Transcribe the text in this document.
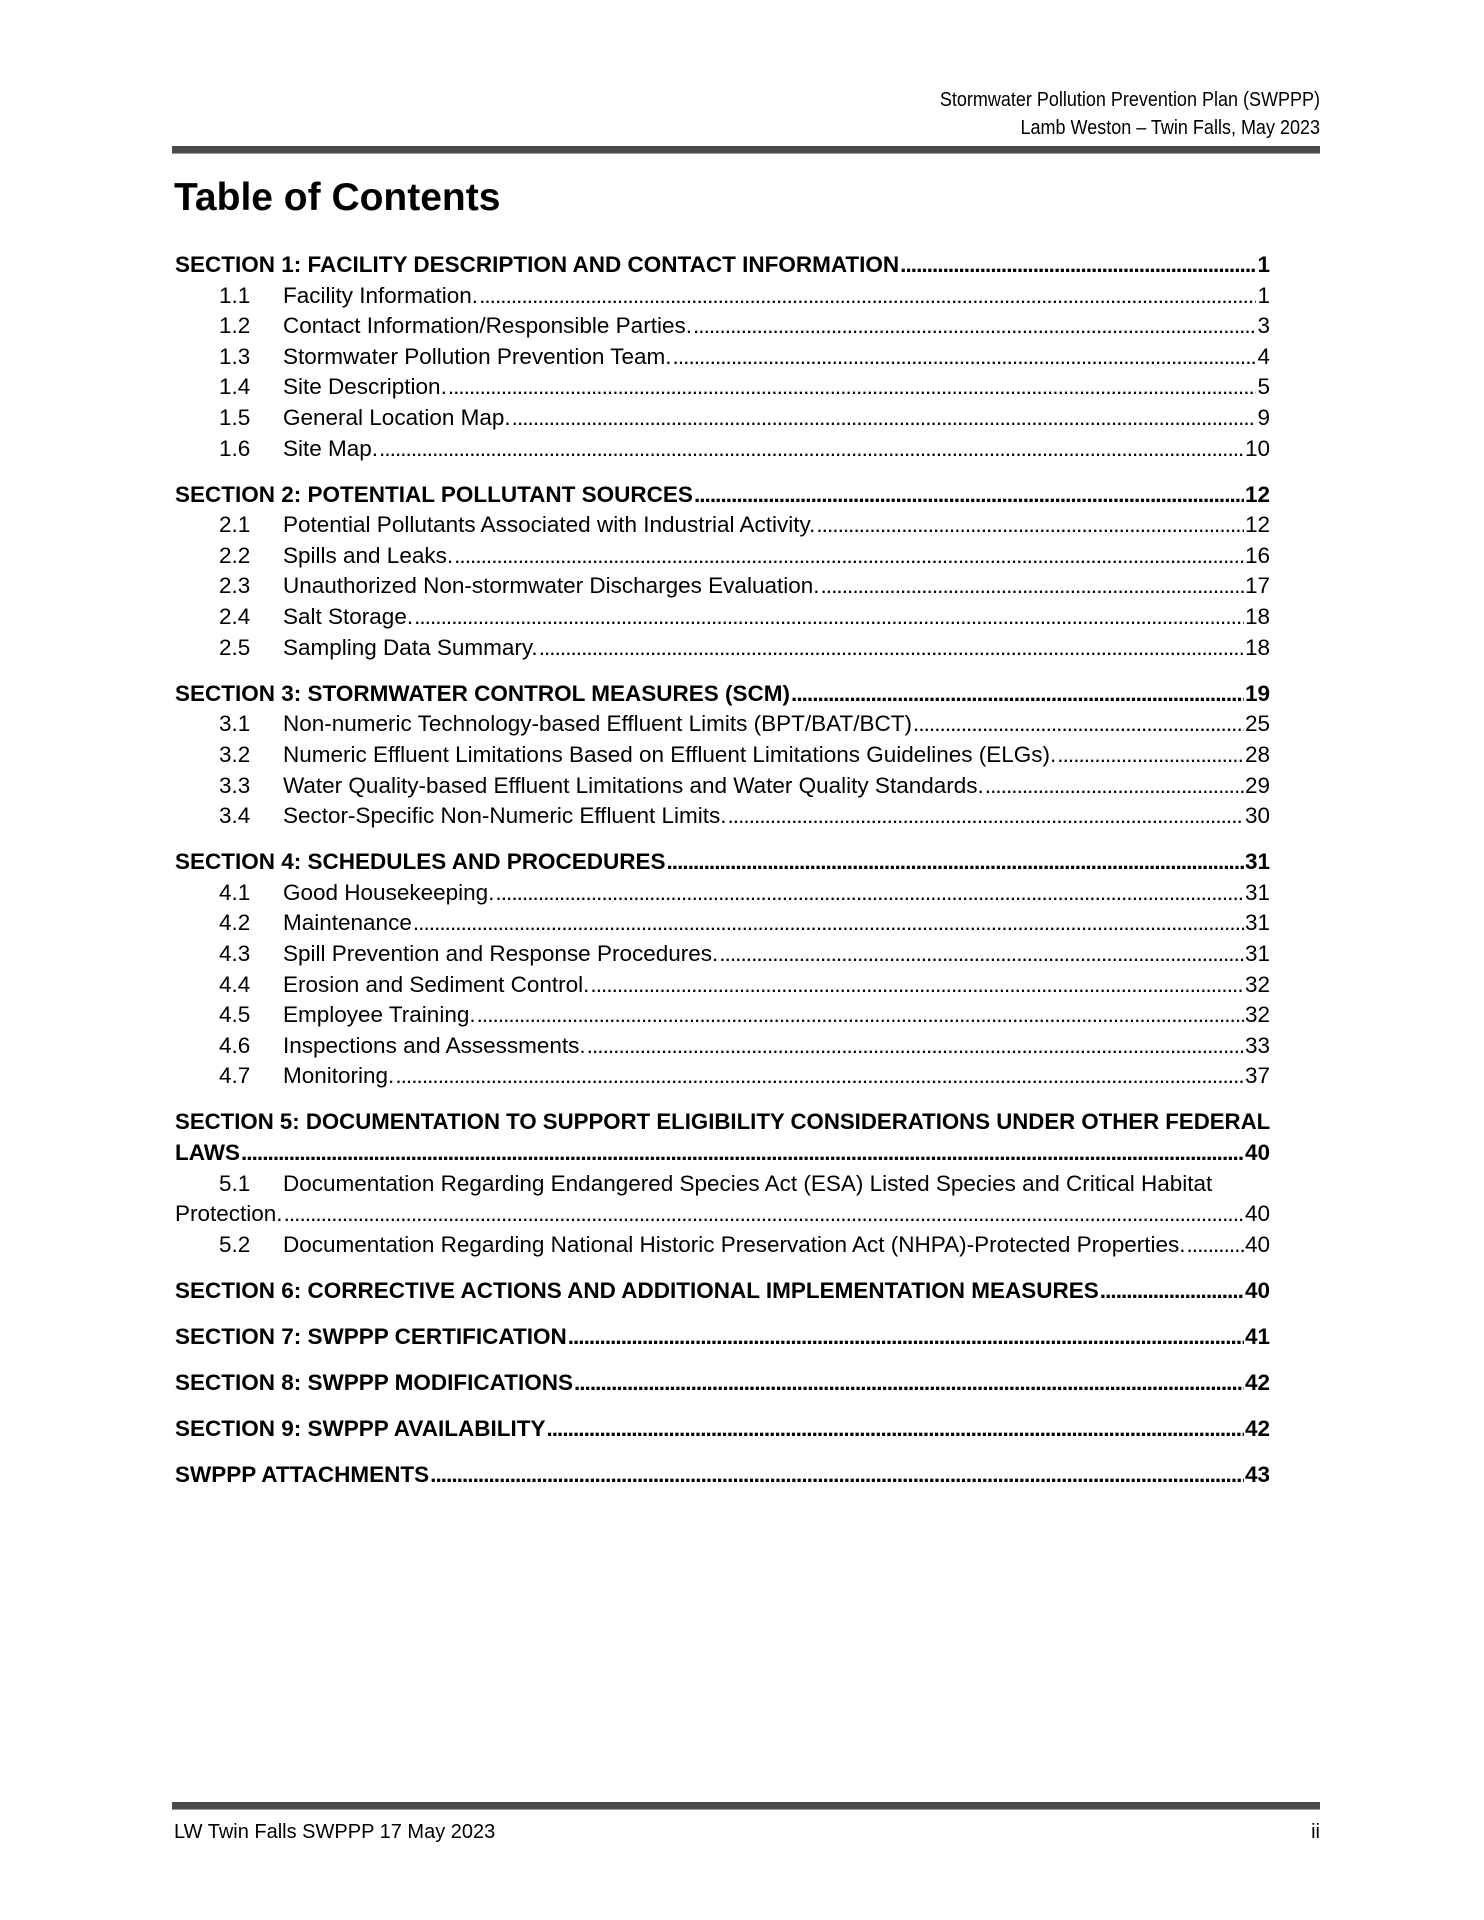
Stormwater Pollution Prevention Plan (SWPPP)
Lamb Weston – Twin Falls, May 2023
Table of Contents
SECTION 1: FACILITY DESCRIPTION AND CONTACT INFORMATION . . .	1
1.1	Facility Information. . . .	1
1.2	Contact Information/Responsible Parties. . . .	3
1.3	Stormwater Pollution Prevention Team. . . .	4
1.4	Site Description. . . .	5
1.5	General Location Map. . . .	9
1.6	Site Map. . . .	10
SECTION 2: POTENTIAL POLLUTANT SOURCES . . .	12
2.1	Potential Pollutants Associated with Industrial Activity. . . .	12
2.2	Spills and Leaks. . . .	16
2.3	Unauthorized Non-stormwater Discharges Evaluation. . . .	17
2.4	Salt Storage. . . .	18
2.5	Sampling Data Summary. . . .	18
SECTION 3: STORMWATER CONTROL MEASURES (SCM) . . .	19
3.1	Non-numeric Technology-based Effluent Limits (BPT/BAT/BCT) . . .	25
3.2	Numeric Effluent Limitations Based on Effluent Limitations Guidelines (ELGs). . . .	28
3.3	Water Quality-based Effluent Limitations and Water Quality Standards. . . .	29
3.4	Sector-Specific Non-Numeric Effluent Limits. . . .	30
SECTION 4: SCHEDULES AND PROCEDURES . . .	31
4.1	Good Housekeeping. . . .	31
4.2	Maintenance . . .	31
4.3	Spill Prevention and Response Procedures. . . .	31
4.4	Erosion and Sediment Control. . . .	32
4.5	Employee Training. . . .	32
4.6	Inspections and Assessments. . . .	33
4.7	Monitoring. . . .	37
SECTION 5: DOCUMENTATION TO SUPPORT ELIGIBILITY CONSIDERATIONS UNDER OTHER FEDERAL
LAWS . . .	40
5.1 Documentation Regarding Endangered Species Act (ESA) Listed Species and Critical Habitat
Protection. . . .	40
5.2	Documentation Regarding National Historic Preservation Act (NHPA)-Protected Properties. . . .	40
SECTION 6: CORRECTIVE ACTIONS AND ADDITIONAL IMPLEMENTATION MEASURES . . .	40
SECTION 7: SWPPP CERTIFICATION . . .	41
SECTION 8: SWPPP MODIFICATIONS . . .	42
SECTION 9: SWPPP AVAILABILITY . . .	42
SWPPP ATTACHMENTS . . .	43
LW Twin Falls SWPPP 17 May 2023	ii
